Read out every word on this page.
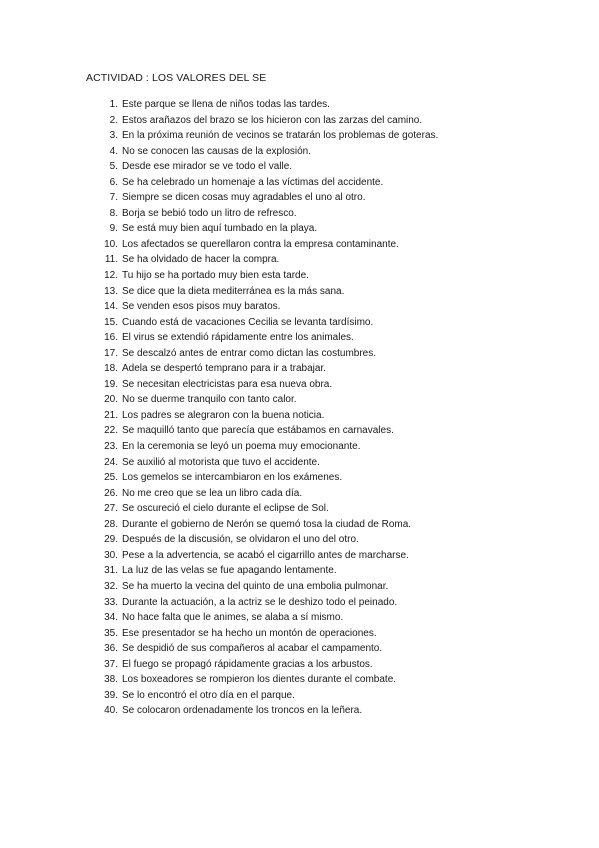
ACTIVIDAD : LOS VALORES DEL SE
1. Este parque se llena de niños todas las tardes.
2. Estos arañazos del brazo se los hicieron con las zarzas del camino.
3. En la próxima reunión de vecinos se tratarán los problemas de goteras.
4. No se conocen las causas de la explosión.
5. Desde ese mirador se ve todo el valle.
6. Se ha celebrado un homenaje a las víctimas del accidente.
7. Siempre se dicen cosas muy agradables el uno al otro.
8. Borja se bebió todo un litro de refresco.
9. Se está muy bien aquí tumbado en la playa.
10. Los afectados se querellaron contra la empresa contaminante.
11. Se ha olvidado de hacer la compra.
12. Tu hijo se ha portado muy bien esta tarde.
13. Se dice que la dieta mediterránea es la más sana.
14. Se venden esos pisos muy baratos.
15. Cuando está de vacaciones Cecilia se levanta tardísimo.
16. El virus se extendió rápidamente entre los animales.
17. Se descalzó antes de entrar como dictan las costumbres.
18. Adela se despertó temprano para ir a trabajar.
19. Se necesitan electricistas para esa nueva obra.
20. No se duerme tranquilo con tanto calor.
21. Los padres se alegraron con la buena noticia.
22. Se maquilló tanto que parecía que estábamos en carnavales.
23. En la ceremonia se leyó un poema muy emocionante.
24. Se auxilió al motorista que tuvo el accidente.
25. Los gemelos se intercambiaron en los exámenes.
26. No me creo que se lea un libro cada día.
27. Se oscureció el cielo durante el eclipse de Sol.
28. Durante el gobierno de Nerón se quemó tosa la ciudad de Roma.
29. Después de la discusión, se olvidaron el uno del otro.
30. Pese a la advertencia, se acabó el cigarrillo antes de marcharse.
31. La luz de las velas se fue apagando lentamente.
32. Se ha muerto la vecina del quinto de una embolia pulmonar.
33. Durante la actuación, a la actriz se le deshizo todo el peinado.
34. No hace falta que le animes, se alaba a sí mismo.
35. Ese presentador se ha hecho un montón de operaciones.
36. Se despidió de sus compañeros al acabar el campamento.
37. El fuego se propagó rápidamente gracias a los arbustos.
38. Los boxeadores se rompieron los dientes durante el combate.
39. Se lo encontró el otro día en el parque.
40. Se colocaron ordenadamente los troncos en la leñera.
